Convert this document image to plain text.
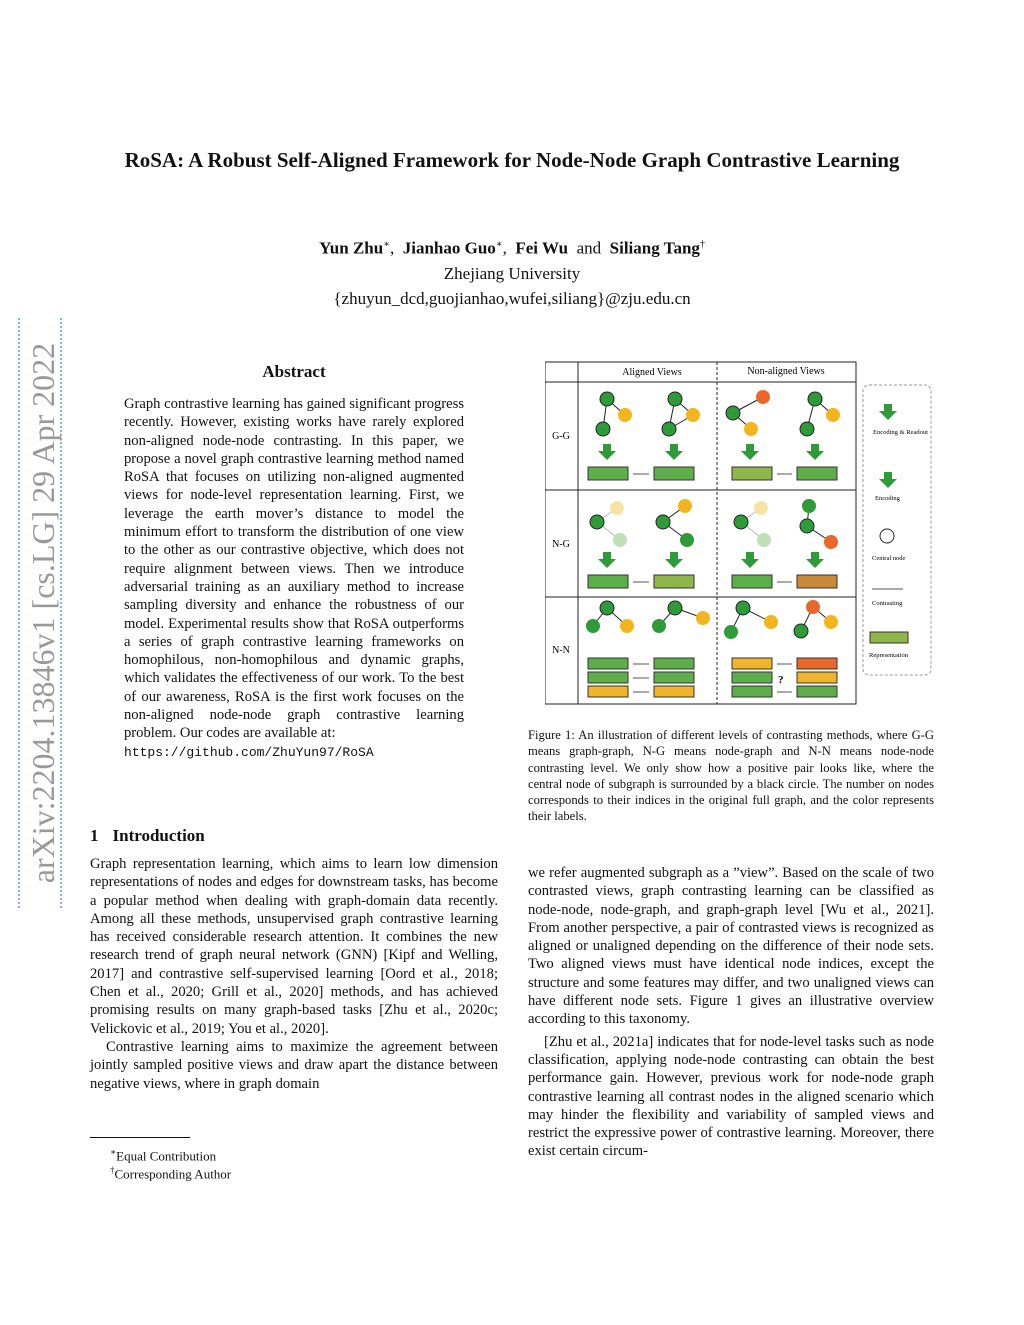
arXiv:2204.13846v1 [cs.LG] 29 Apr 2022
RoSA: A Robust Self-Aligned Framework for Node-Node Graph Contrastive Learning
Yun Zhu∗, Jianhao Guo∗, Fei Wu and Siliang Tang†
Zhejiang University
{zhuyun_dcd,guojianhao,wufei,siliang}@zju.edu.cn
Abstract

Graph contrastive learning has gained significant progress recently. However, existing works have rarely explored non-aligned node-node contrasting. In this paper, we propose a novel graph contrastive learning method named RoSA that focuses on utilizing non-aligned augmented views for node-level representation learning. First, we leverage the earth mover’s distance to model the minimum effort to transform the distribution of one view to the other as our contrastive objective, which does not require alignment between views. Then we introduce adversarial training as an auxiliary method to increase sampling diversity and enhance the robustness of our model. Experimental results show that RoSA outperforms a series of graph contrastive learning frameworks on homophilous, non-homophilous and dynamic graphs, which validates the effectiveness of our work. To the best of our awareness, RoSA is the first work focuses on the non-aligned node-node graph contrastive learning problem. Our codes are available at:
https://github.com/ZhuYun97/RoSA

1 Introduction

Graph representation learning, which aims to learn low dimension representations of nodes and edges for downstream tasks, has become a popular method when dealing with graph-domain data recently. Among all these methods, unsupervised graph contrastive learning has received considerable research attention. It combines the new research trend of graph neural network (GNN) [Kipf and Welling, 2017] and contrastive self-supervised learning [Oord et al., 2018; Chen et al., 2020; Grill et al., 2020] methods, and has achieved promising results on many graph-based tasks [Zhu et al., 2020c; Velickovic et al., 2019; You et al., 2020].

Contrastive learning aims to maximize the agreement between jointly sampled positive views and draw apart the distance between negative views, where in graph domain

∗Equal Contribution
†Corresponding Author
Aligned Views	Non-aligned Views
G-G
N-G
N-N
?
Encoding & Readout
Encoding
Central node
Contrasting
Representation
Figure 1: An illustration of different levels of contrasting methods, where G-G means graph-graph, N-G means node-graph and N-N means node-node contrasting level. We only show how a positive pair looks like, where the central node of subgraph is surrounded by a black circle. The number on nodes corresponds to their indices in the original full graph, and the color represents their labels.

we refer augmented subgraph as a ”view”. Based on the scale of two contrasted views, graph contrasting learning can be classified as node-node, node-graph, and graph-graph level [Wu et al., 2021]. From another perspective, a pair of contrasted views is recognized as aligned or unaligned depending on the difference of their node sets. Two aligned views must have identical node indices, except the structure and some features may differ, and two unaligned views can have different node sets. Figure 1 gives an illustrative overview according to this taxonomy.

[Zhu et al., 2021a] indicates that for node-level tasks such as node classification, applying node-node contrasting can obtain the best performance gain. However, previous work for node-node graph contrastive learning all contrast nodes in the aligned scenario which may hinder the flexibility and variability of sampled views and restrict the expressive power of contrastive learning. Moreover, there exist certain circum-
